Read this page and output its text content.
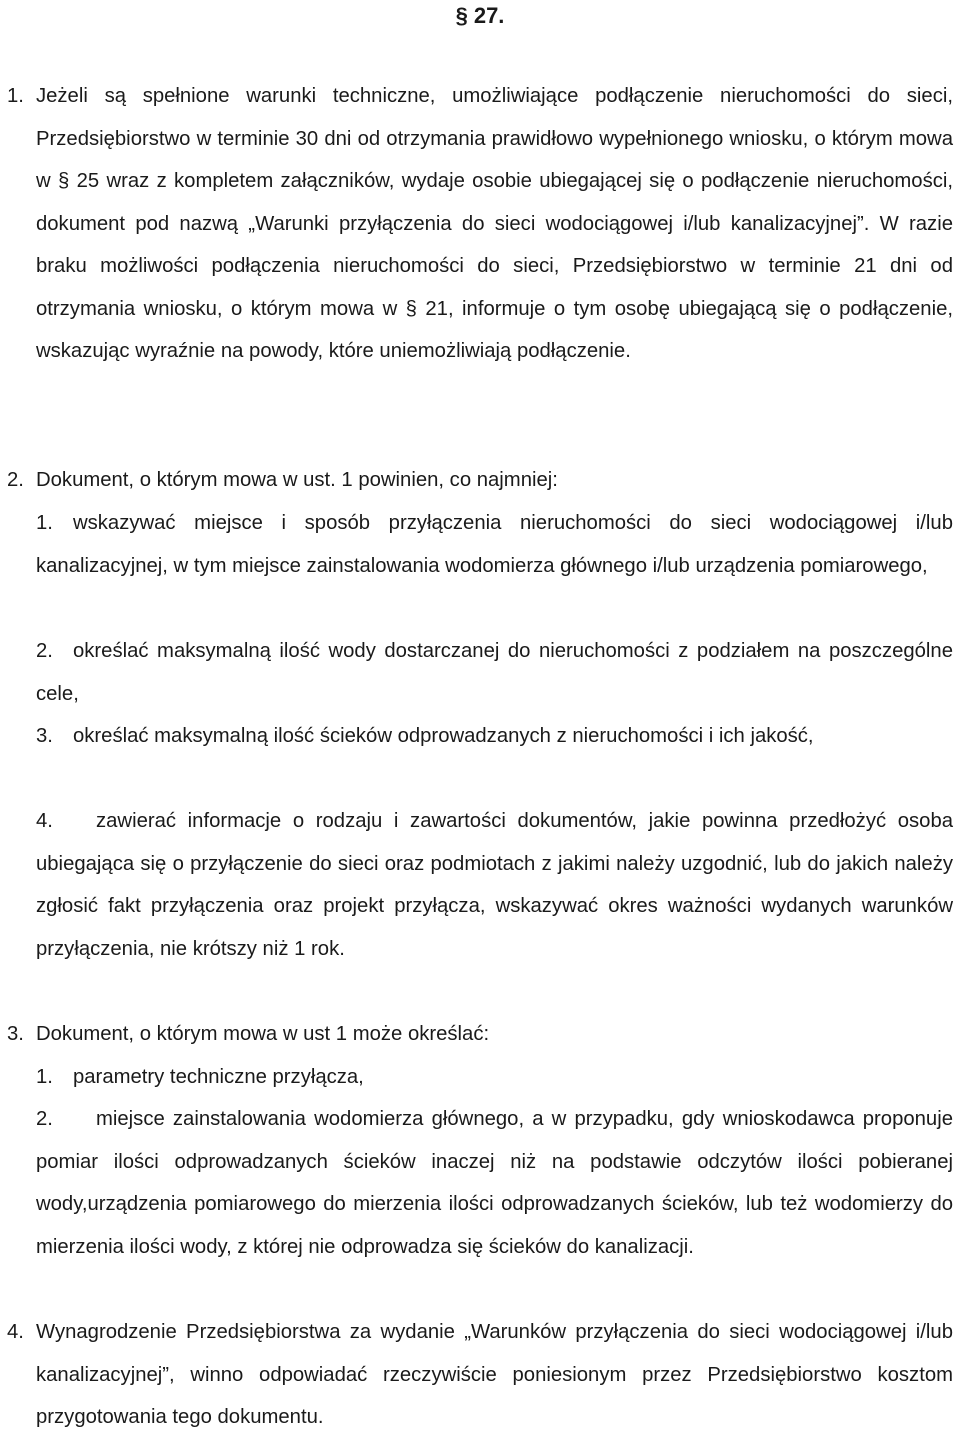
§ 27.
1. Jeżeli są spełnione warunki techniczne, umożliwiające podłączenie nieruchomości do sieci, Przedsiębiorstwo w terminie 30 dni od otrzymania prawidłowo wypełnionego wniosku, o którym mowa w § 25 wraz z kompletem załączników, wydaje osobie ubiegającej się o podłączenie nieruchomości, dokument pod nazwą „Warunki przyłączenia do sieci wodociągowej i/lub kanalizacyjnej”. W razie braku możliwości podłączenia nieruchomości do sieci, Przedsiębiorstwo w terminie 21 dni od otrzymania wniosku, o którym mowa w § 21, informuje o tym osobę ubiegającą się o podłączenie, wskazując wyraźnie na powody, które uniemożliwiają podłączenie.

2. Dokument, o którym mowa w ust. 1 powinien, co najmniej:

1. wskazywać miejsce i sposób przyłączenia nieruchomości do sieci wodociągowej i/lub kanalizacyjnej, w tym miejsce zainstalowania wodomierza głównego i/lub urządzenia pomiarowego,

2. określać maksymalną ilość wody dostarczanej do nieruchomości z podziałem na poszczególne cele,

3. określać maksymalną ilość ścieków odprowadzanych z nieruchomości i ich jakość,

4.	zawierać informacje o rodzaju i zawartości dokumentów, jakie powinna przedłożyć osoba ubiegająca się o przyłączenie do sieci oraz podmiotach z jakimi należy uzgodnić, lub do jakich należy zgłosić fakt przyłączenia oraz projekt przyłącza, wskazywać okres ważności wydanych warunków przyłączenia, nie krótszy niż 1 rok.

3. Dokument, o którym mowa w ust 1 może określać:

1. parametry techniczne przyłącza,

2.	miejsce zainstalowania wodomierza głównego, a w przypadku, gdy wnioskodawca proponuje pomiar ilości odprowadzanych ścieków inaczej niż na podstawie odczytów ilości pobieranej wody,urządzenia pomiarowego do mierzenia ilości odprowadzanych ścieków, lub też wodomierzy do mierzenia ilości wody, z której nie odprowadza się ścieków do kanalizacji.

4. Wynagrodzenie Przedsiębiorstwa za wydanie „Warunków przyłączenia do sieci wodociągowej i/lub kanalizacyjnej”, winno odpowiadać rzeczywiście poniesionym przez Przedsiębiorstwo kosztom przygotowania tego dokumentu.
